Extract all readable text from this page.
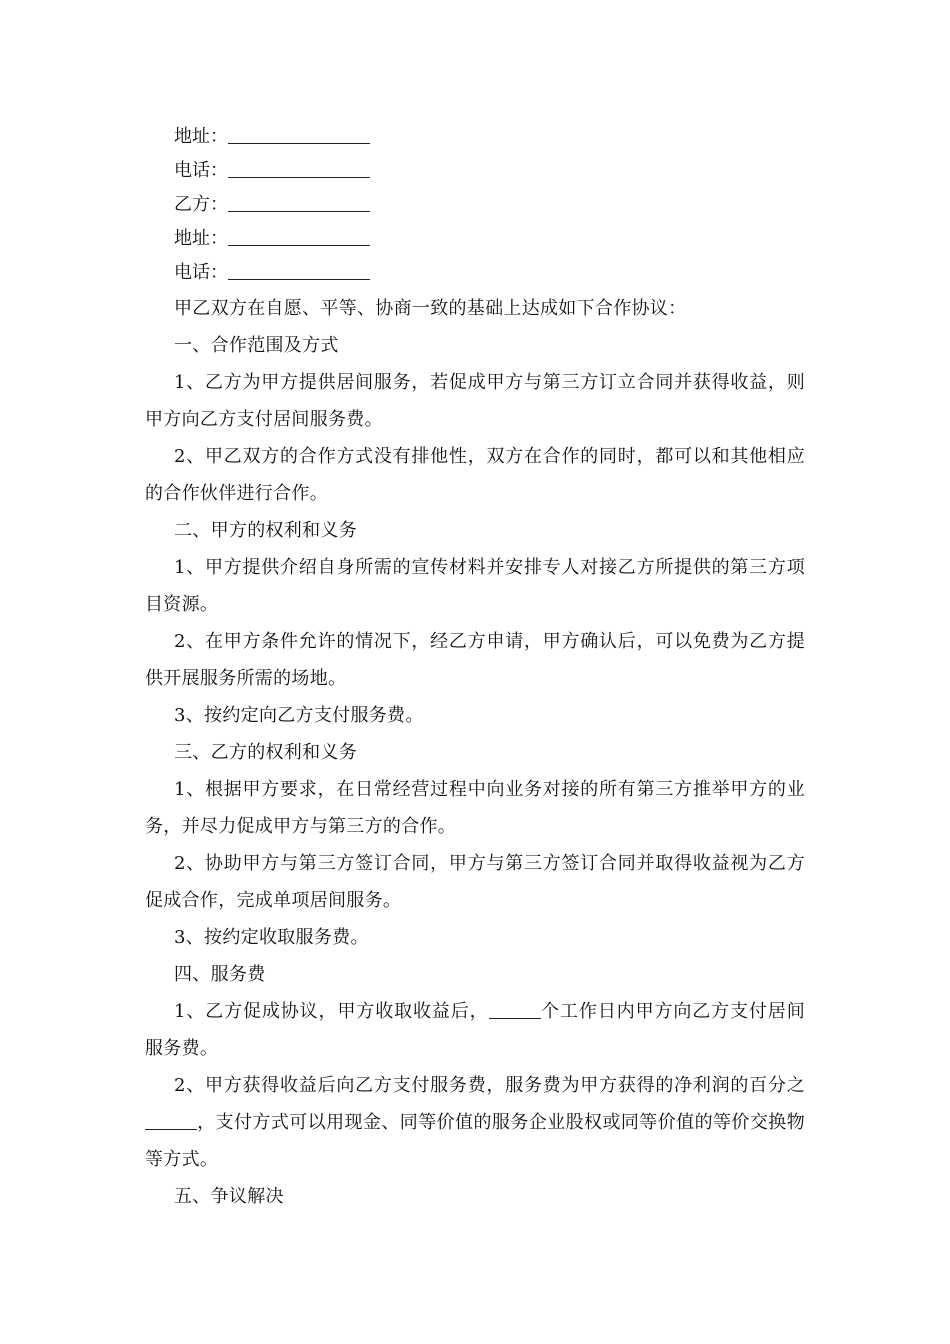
地址：
电话：
乙方：
地址：
电话：

甲乙双方在自愿、平等、协商一致的基础上达成如下合作协议：

一、合作范围及方式

1、乙方为甲方提供居间服务，若促成甲方与第三方订立合同并获得收益，则甲方向乙方支付居间服务费。

2、甲乙双方的合作方式没有排他性，双方在合作的同时，都可以和其他相应的合作伙伴进行合作。

二、甲方的权利和义务

1、甲方提供介绍自身所需的宣传材料并安排专人对接乙方所提供的第三方项目资源。

2、在甲方条件允许的情况下，经乙方申请，甲方确认后，可以免费为乙方提供开展服务所需的场地。

3、按约定向乙方支付服务费。

三、乙方的权利和义务

1、根据甲方要求，在日常经营过程中向业务对接的所有第三方推举甲方的业务，并尽力促成甲方与第三方的合作。

2、协助甲方与第三方签订合同，甲方与第三方签订合同并取得收益视为乙方促成合作，完成单项居间服务。

3、按约定收取服务费。

四、服务费

1、乙方促成协议，甲方收取收益后，	个工作日内甲方向乙方支付居间服务费。

2、甲方获得收益后向乙方支付服务费，服务费为甲方获得的净利润的百分之，支付方式可以用现金、同等价值的服务企业股权或同等价值的等价交换物等方式。

五、争议解决
